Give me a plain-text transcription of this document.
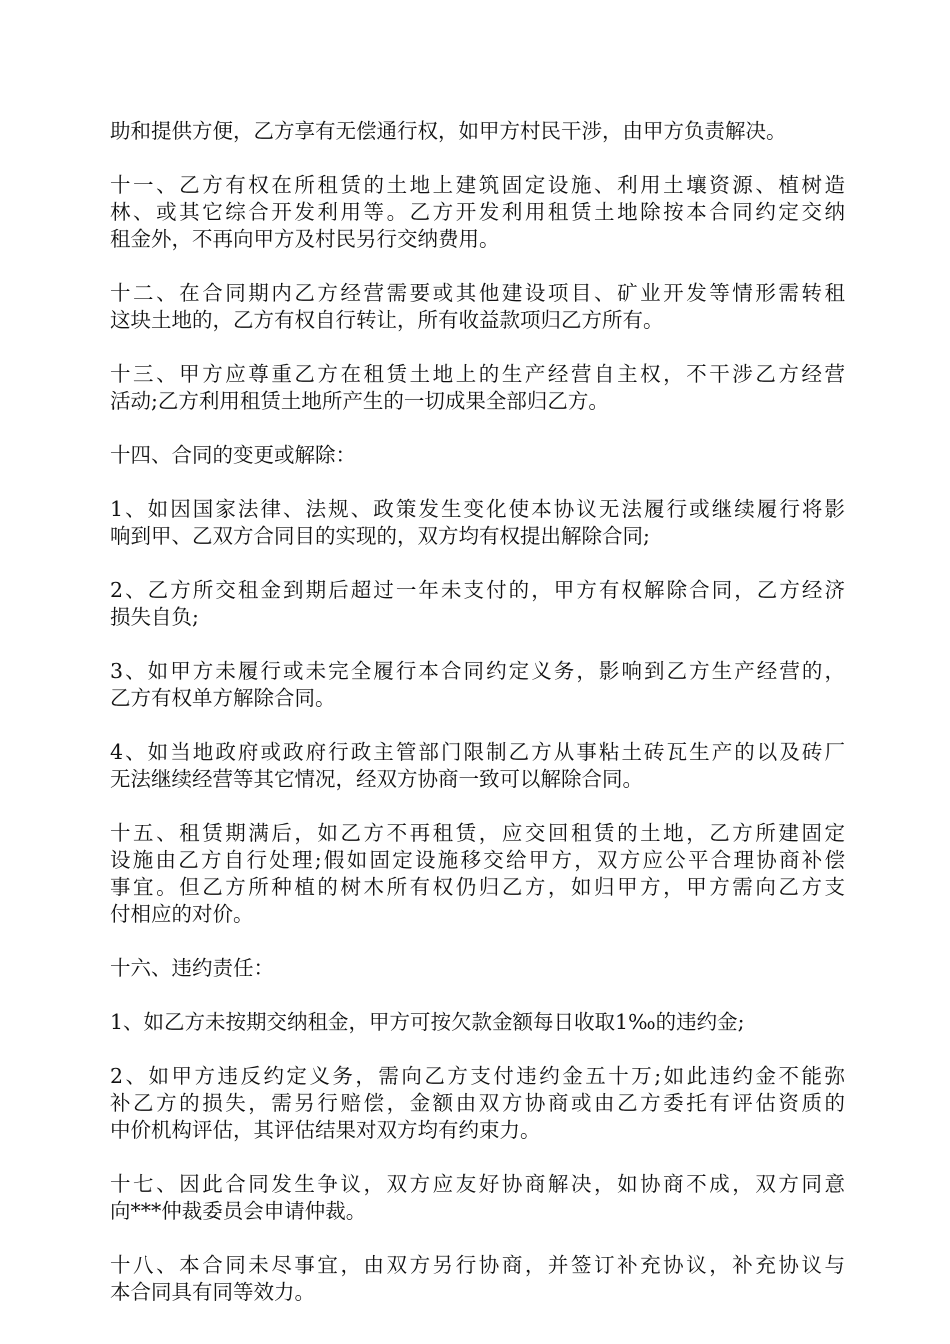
助和提供方便，乙方享有无偿通行权，如甲方村民干涉，由甲方负责解决。

十一、乙方有权在所租赁的土地上建筑固定设施、利用土壤资源、植树造
林、或其它综合开发利用等。乙方开发利用租赁土地除按本合同约定交纳
租金外，不再向甲方及村民另行交纳费用。

十二、在合同期内乙方经营需要或其他建设项目、矿业开发等情形需转租
这块土地的，乙方有权自行转让，所有收益款项归乙方所有。

十三、甲方应尊重乙方在租赁土地上的生产经营自主权，不干涉乙方经营
活动;乙方利用租赁土地所产生的一切成果全部归乙方。

十四、合同的变更或解除：

1、如因国家法律、法规、政策发生变化使本协议无法履行或继续履行将影
响到甲、乙双方合同目的实现的，双方均有权提出解除合同;

2、乙方所交租金到期后超过一年未支付的，甲方有权解除合同，乙方经济
损失自负;

3、如甲方未履行或未完全履行本合同约定义务，影响到乙方生产经营的，
乙方有权单方解除合同。

4、如当地政府或政府行政主管部门限制乙方从事粘土砖瓦生产的以及砖厂
无法继续经营等其它情况，经双方协商一致可以解除合同。

十五、租赁期满后，如乙方不再租赁，应交回租赁的土地，乙方所建固定
设施由乙方自行处理;假如固定设施移交给甲方，双方应公平合理协商补偿
事宜。但乙方所种植的树木所有权仍归乙方，如归甲方，甲方需向乙方支
付相应的对价。

十六、违约责任：

1、如乙方未按期交纳租金，甲方可按欠款金额每日收取1‰的违约金;

2、如甲方违反约定义务，需向乙方支付违约金五十万;如此违约金不能弥
补乙方的损失，需另行赔偿，金额由双方协商或由乙方委托有评估资质的
中价机构评估，其评估结果对双方均有约束力。

十七、因此合同发生争议，双方应友好协商解决，如协商不成，双方同意
向***仲裁委员会申请仲裁。

十八、本合同未尽事宜，由双方另行协商，并签订补充协议，补充协议与
本合同具有同等效力。
